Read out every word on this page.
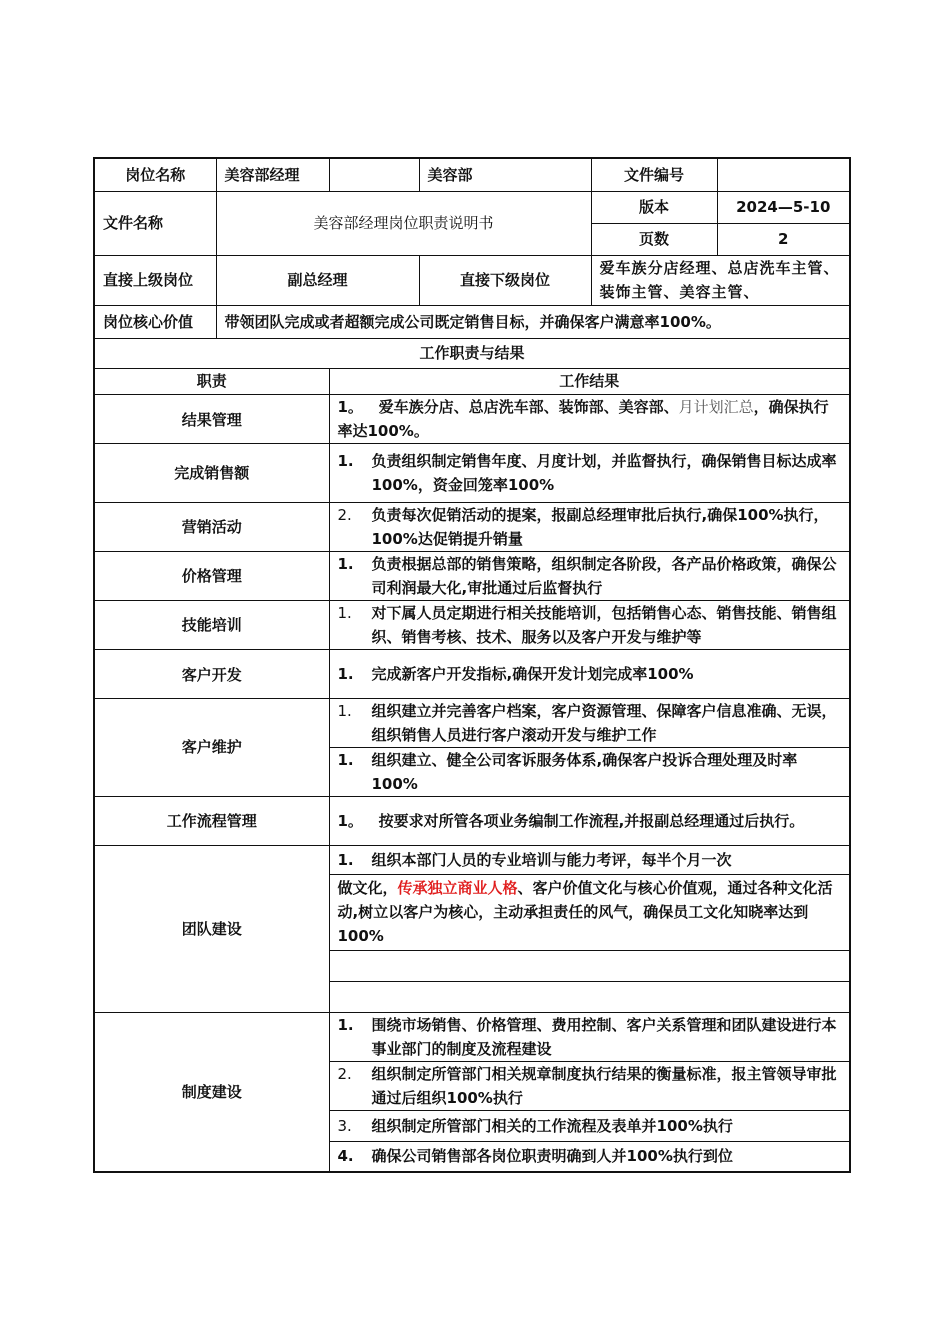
岗位名称	美容部经理		美容部	文件编号	
文件名称	美容部经理岗位职责说明书			版本	2024—5-10
				页数	2
直接上级岗位	副总经理		直接下级岗位	爱车族分店经理、总店洗车主管、装饰主管、美容主管、	
岗位核心价值	带领团队完成或者超额完成公司既定销售目标，并确保客户满意率100%。				
工作职责与结果					
职责		工作结果			
结果管理		1。 爱车族分店、总店洗车部、装饰部、美容部、月计划汇总，确保执行率达100%。			
完成销售额		1. 负责组织制定销售年度、月度计划，并监督执行，确保销售目标达成率100%，资金回笼率100%			

营销活动		2. 负责每次促销活动的提案，报副总经理审批后执行,确保100%执行，100%达促销提升销量			

价格管理		1. 负责根据总部的销售策略，组织制定各阶段，各产品价格政策，确保公司利润最大化,审批通过后监督执行			

技能培训		1. 对下属人员定期进行相关技能培训，包括销售心态、销售技能、销售组织、销售考核、技术、服务以及客户开发与维护等			

客户开发		1. 完成新客户开发指标,确保开发计划完成率100%			

客户维护		1. 组织建立并完善客户档案，客户资源管理、保障客户信息准确、无误，组织销售人员进行客户滚动开发与维护工作			

		1. 组织建立、健全公司客诉服务体系,确保客户投诉合理处理及时率100%			

工作流程管理		1。 按要求对所管各项业务编制工作流程,并报副总经理通过后执行。			
团队建设		1. 组织本部门人员的专业培训与能力考评，每半个月一次			

		做文化，传承独立商业人格、客户价值文化与核心价值观，通过各种文化活动,树立以客户为核心，主动承担责任的风气，确保员工文化知晓率达到100%			

制度建设		1. 围绕市场销售、价格管理、费用控制、客户关系管理和团队建设进行本事业部门的制度及流程建设			

		2. 组织制定所管部门相关规章制度执行结果的衡量标准，报主管领导审批通过后组织100%执行			

		3. 组织制定所管部门相关的工作流程及表单并100%执行			

		4. 确保公司销售部各岗位职责明确到人并100%执行到位			
